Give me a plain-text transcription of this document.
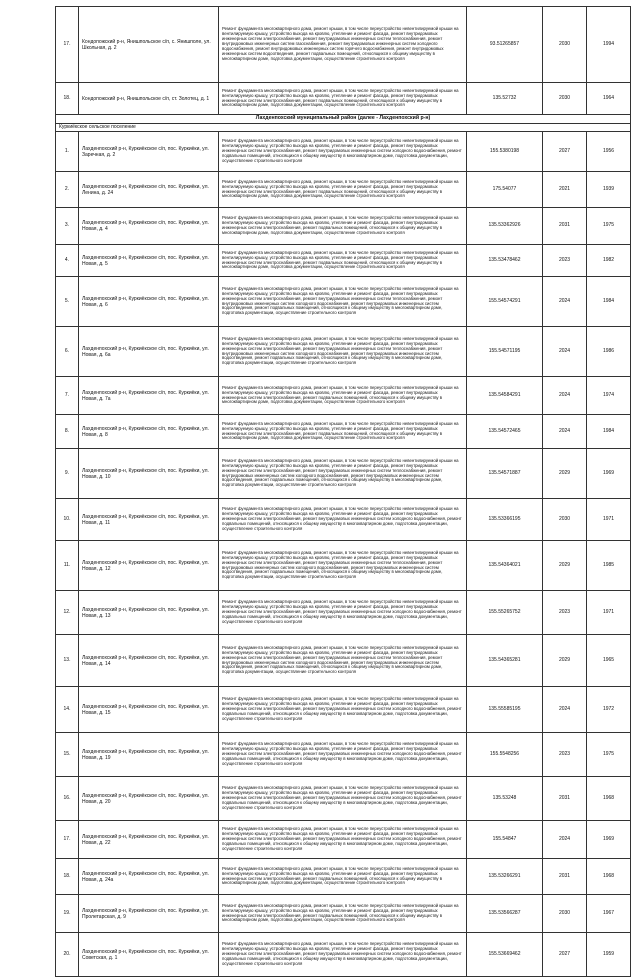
17.	Кондопожский р-н, Янишпольское с/п, с. Янишполе, ул. Школьная, д. 2	Ремонт фундамента многоквартирного дома, ремонт крыши, в том числе переустройство невентилируемой крыши на вентилируемую крышу, устройство выхода на кровлю, утепление и ремонт фасада, ремонт внутридомовых инженерных систем электроснабжения, ремонт внутридомовых инженерных систем теплоснабжения, ремонт внутридомовых инженерных систем газоснабжения, ремонт внутридомовых инженерных систем холодного водоснабжения, ремонт внутридомовых инженерных систем горячего водоснабжения, ремонт внутридомовых инженерных систем водоотведения, ремонт подвальных помещений, относящихся к общему имуществу в многоквартирном доме, подготовка документации, осуществление строительного контроля	93.51265857	2030	1994
18.	Кондопожский р-н, Янишпольское с/п, ст. Золотец, д. 1	Ремонт фундамента многоквартирного дома, ремонт крыши, в том числе переустройство невентилируемой крыши на вентилируемую крышу, устройство выхода на кровлю, утепление и ремонт фасада, ремонт внутридомовых инженерных систем электроснабжения, ремонт подвальных помещений, относящихся к общему имуществу в многоквартирном доме, подготовка документации, осуществление строительного контроля	135.52732	2030	1964
Лахденпохский муниципальный район (далее - Лахденпохский р-н)					
Куркиёкское сельское поселение					
1.	Лахденпохский р-н, Куркиёкское с/п, пос. Куркиёки, ул. Заречная, д. 2	Ремонт фундамента многоквартирного дома, ремонт крыши, в том числе переустройство невентилируемой крыши на вентилируемую крышу, устройство выхода на кровлю, утепление и ремонт фасада, ремонт внутридомовых инженерных систем электроснабжения, ремонт внутридомовых инженерных систем холодного водоснабжения, ремонт подвальных помещений, относящихся к общему имуществу в многоквартирном доме, подготовка документации, осуществление строительного контроля	155.5380198	2027	1956
2.	Лахденпохский р-н, Куркиёкское с/п, пос. Куркиёки, ул. Ленина, д. 24	Ремонт фундамента многоквартирного дома, ремонт крыши, в том числе переустройство невентилируемой крыши на вентилируемую крышу, устройство выхода на кровлю, утепление и ремонт фасада, ремонт внутридомовых инженерных систем электроснабжения, ремонт подвальных помещений, относящихся к общему имуществу в многоквартирном доме, подготовка документации, осуществление строительного контроля	175.54077	2021	1939
3.	Лахденпохский р-н, Куркиёкское с/п, пос. Куркиёки, ул. Новая, д. 4	Ремонт фундамента многоквартирного дома, ремонт крыши, в том числе переустройство невентилируемой крыши на вентилируемую крышу, устройство выхода на кровлю, утепление и ремонт фасада, ремонт внутридомовых инженерных систем электроснабжения, ремонт подвальных помещений, относящихся к общему имуществу в многоквартирном доме, подготовка документации, осуществление строительного контроля	135.53362926	2031	1975
4.	Лахденпохский р-н, Куркиёкское с/п, пос. Куркиёки, ул. Новая, д. 5	Ремонт фундамента многоквартирного дома, ремонт крыши, в том числе переустройство невентилируемой крыши на вентилируемую крышу, устройство выхода на кровлю, утепление и ремонт фасада, ремонт внутридомовых инженерных систем электроснабжения, ремонт подвальных помещений, относящихся к общему имуществу в многоквартирном доме, подготовка документации, осуществление строительного контроля	135.53478462	2023	1982
5.	Лахденпохский р-н, Куркиёкское с/п, пос. Куркиёки, ул. Новая, д. 6	Ремонт фундамента многоквартирного дома, ремонт крыши, в том числе переустройство невентилируемой крыши на вентилируемую крышу, устройство выхода на кровлю, утепление и ремонт фасада, ремонт внутридомовых инженерных систем электроснабжения, ремонт внутридомовых инженерных систем теплоснабжения, ремонт внутридомовых инженерных систем холодного водоснабжения, ремонт внутридомовых инженерных систем водоотведения, ремонт подвальных помещений, относящихся к общему имуществу в многоквартирном доме, подготовка документации, осуществление строительного контроля	155.54574291	2024	1984
6.	Лахденпохский р-н, Куркиёкское с/п, пос. Куркиёки, ул. Новая, д. 6а	Ремонт фундамента многоквартирного дома, ремонт крыши, в том числе переустройство невентилируемой крыши на вентилируемую крышу, устройство выхода на кровлю, утепление и ремонт фасада, ремонт внутридомовых инженерных систем электроснабжения, ремонт внутридомовых инженерных систем теплоснабжения, ремонт внутридомовых инженерных систем холодного водоснабжения, ремонт внутридомовых инженерных систем водоотведения, ремонт подвальных помещений, относящихся к общему имуществу в многоквартирном доме, подготовка документации, осуществление строительного контроля	155.54571195	2024	1986
7.	Лахденпохский р-н, Куркиёкское с/п, пос. Куркиёки, ул. Новая, д. 7а	Ремонт фундамента многоквартирного дома, ремонт крыши, в том числе переустройство невентилируемой крыши на вентилируемую крышу, устройство выхода на кровлю, утепление и ремонт фасада, ремонт внутридомовых инженерных систем электроснабжения, ремонт подвальных помещений, относящихся к общему имуществу в многоквартирном доме, подготовка документации, осуществление строительного контроля	135.54584291	2024	1974
8.	Лахденпохский р-н, Куркиёкское с/п, пос. Куркиёки, ул. Новая, д. 8	Ремонт фундамента многоквартирного дома, ремонт крыши, в том числе переустройство невентилируемой крыши на вентилируемую крышу, устройство выхода на кровлю, утепление и ремонт фасада, ремонт внутридомовых инженерных систем электроснабжения, ремонт подвальных помещений, относящихся к общему имуществу в многоквартирном доме, подготовка документации, осуществление строительного контроля	135.54572465	2024	1984
9.	Лахденпохский р-н, Куркиёкское с/п, пос. Куркиёки, ул. Новая, д. 10	Ремонт фундамента многоквартирного дома, ремонт крыши, в том числе переустройство невентилируемой крыши на вентилируемую крышу, устройство выхода на кровлю, утепление и ремонт фасада, ремонт внутридомовых инженерных систем электроснабжения, ремонт внутридомовых инженерных систем теплоснабжения, ремонт внутридомовых инженерных систем холодного водоснабжения, ремонт внутридомовых инженерных систем водоотведения, ремонт подвальных помещений, относящихся к общему имуществу в многоквартирном доме, подготовка документации, осуществление строительного контроля	135.54571887	2029	1969
10.	Лахденпохский р-н, Куркиёкское с/п, пос. Куркиёки, ул. Новая, д. 11	Ремонт фундамента многоквартирного дома, ремонт крыши, в том числе переустройство невентилируемой крыши на вентилируемую крышу, устройство выхода на кровлю, утепление и ремонт фасада, ремонт внутридомовых инженерных систем электроснабжения, ремонт внутридомовых инженерных систем холодного водоснабжения, ремонт подвальных помещений, относящихся к общему имуществу в многоквартирном доме, подготовка документации, осуществление строительного контроля	135.53366195	2030	1971
11.	Лахденпохский р-н, Куркиёкское с/п, пос. Куркиёки, ул. Новая, д. 12	Ремонт фундамента многоквартирного дома, ремонт крыши, в том числе переустройство невентилируемой крыши на вентилируемую крышу, устройство выхода на кровлю, утепление и ремонт фасада, ремонт внутридомовых инженерных систем электроснабжения, ремонт внутридомовых инженерных систем теплоснабжения, ремонт внутридомовых инженерных систем холодного водоснабжения, ремонт внутридомовых инженерных систем водоотведения, ремонт подвальных помещений, относящихся к общему имуществу в многоквартирном доме, подготовка документации, осуществление строительного контроля	135.54364021	2029	1985
12.	Лахденпохский р-н, Куркиёкское с/п, пос. Куркиёки, ул. Новая, д. 13	Ремонт фундамента многоквартирного дома, ремонт крыши, в том числе переустройство невентилируемой крыши на вентилируемую крышу, устройство выхода на кровлю, утепление и ремонт фасада, ремонт внутридомовых инженерных систем электроснабжения, ремонт внутридомовых инженерных систем холодного водоснабжения, ремонт подвальных помещений, относящихся к общему имуществу в многоквартирном доме, подготовка документации, осуществление строительного контроля	155.55265752	2023	1971
13.	Лахденпохский р-н, Куркиёкское с/п, пос. Куркиёки, ул. Новая, д. 14	Ремонт фундамента многоквартирного дома, ремонт крыши, в том числе переустройство невентилируемой крыши на вентилируемую крышу, устройство выхода на кровлю, утепление и ремонт фасада, ремонт внутридомовых инженерных систем электроснабжения, ремонт внутридомовых инженерных систем теплоснабжения, ремонт внутридомовых инженерных систем холодного водоснабжения, ремонт внутридомовых инженерных систем водоотведения, ремонт подвальных помещений, относящихся к общему имуществу в многоквартирном доме, подготовка документации, осуществление строительного контроля	135.54365281	2029	1965
14.	Лахденпохский р-н, Куркиёкское с/п, пос. Куркиёки, ул. Новая, д. 15	Ремонт фундамента многоквартирного дома, ремонт крыши, в том числе переустройство невентилируемой крыши на вентилируемую крышу, устройство выхода на кровлю, утепление и ремонт фасада, ремонт внутридомовых инженерных систем электроснабжения, ремонт внутридомовых инженерных систем холодного водоснабжения, ремонт подвальных помещений, относящихся к общему имуществу в многоквартирном доме, подготовка документации, осуществление строительного контроля	135.55585195	2024	1972
15.	Лахденпохский р-н, Куркиёкское с/п, пос. Куркиёки, ул. Новая, д. 19	Ремонт фундамента многоквартирного дома, ремонт крыши, в том числе переустройство невентилируемой крыши на вентилируемую крышу, устройство выхода на кровлю, утепление и ремонт фасада, ремонт внутридомовых инженерных систем электроснабжения, ремонт внутридомовых инженерных систем холодного водоснабжения, ремонт подвальных помещений, относящихся к общему имуществу в многоквартирном доме, подготовка документации, осуществление строительного контроля	155.5548256	2023	1975
16.	Лахденпохский р-н, Куркиёкское с/п, пос. Куркиёки, ул. Новая, д. 20	Ремонт фундамента многоквартирного дома, ремонт крыши, в том числе переустройство невентилируемой крыши на вентилируемую крышу, устройство выхода на кровлю, утепление и ремонт фасада, ремонт внутридомовых инженерных систем электроснабжения, ремонт внутридомовых инженерных систем холодного водоснабжения, ремонт подвальных помещений, относящихся к общему имуществу в многоквартирном доме, подготовка документации, осуществление строительного контроля	135.53248	2031	1968
17.	Лахденпохский р-н, Куркиёкское с/п, пос. Куркиёки, ул. Новая, д. 22	Ремонт фундамента многоквартирного дома, ремонт крыши, в том числе переустройство невентилируемой крыши на вентилируемую крышу, устройство выхода на кровлю, утепление и ремонт фасада, ремонт внутридомовых инженерных систем электроснабжения, ремонт внутридомовых инженерных систем холодного водоснабжения, ремонт подвальных помещений, относящихся к общему имуществу в многоквартирном доме, подготовка документации, осуществление строительного контроля	155.54847	2024	1969
18.	Лахденпохский р-н, Куркиёкское с/п, пос. Куркиёки, ул. Новая, д. 24а	Ремонт фундамента многоквартирного дома, ремонт крыши, в том числе переустройство невентилируемой крыши на вентилируемую крышу, устройство выхода на кровлю, утепление и ремонт фасада, ремонт внутридомовых инженерных систем электроснабжения, ремонт подвальных помещений, относящихся к общему имуществу в многоквартирном доме, подготовка документации, осуществление строительного контроля	135.53266291	2031	1968
19.	Лахденпохский р-н, Куркиёкское с/п, пос. Куркиёки, ул. Пролетарская, д. 9	Ремонт фундамента многоквартирного дома, ремонт крыши, в том числе переустройство невентилируемой крыши на вентилируемую крышу, устройство выхода на кровлю, утепление и ремонт фасада, ремонт внутридомовых инженерных систем электроснабжения, ремонт подвальных помещений, относящихся к общему имуществу в многоквартирном доме, подготовка документации, осуществление строительного контроля	135.53566287	2030	1967
20.	Лахденпохский р-н, Куркиёкское с/п, пос. Куркиёки, ул. Советская, д. 1	Ремонт фундамента многоквартирного дома, ремонт крыши, в том числе переустройство невентилируемой крыши на вентилируемую крышу, устройство выхода на кровлю, утепление и ремонт фасада, ремонт внутридомовых инженерных систем электроснабжения, ремонт внутридомовых инженерных систем холодного водоснабжения, ремонт подвальных помещений, относящихся к общему имуществу в многоквартирном доме, подготовка документации, осуществление строительного контроля	155.53669462	2027	1959
